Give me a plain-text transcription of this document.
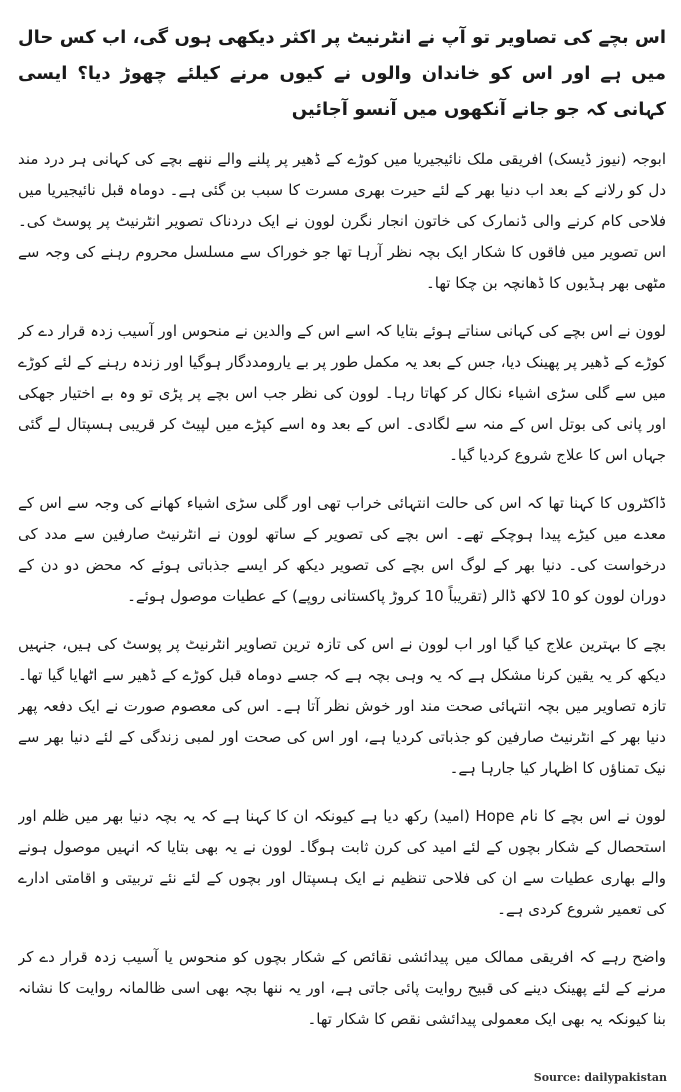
اس بچے کی تصاویر تو آپ نے انٹرنیٹ پر اکثر دیکھی ہوں گی، اب کس حال میں ہے اور اس کو خاندان والوں نے کیوں مرنے کیلئے چھوڑ دیا؟ ایسی کہانی کہ جو جانے آنکھوں میں آنسو آجائیں

ابوجہ (نیوز ڈیسک) افریقی ملک نائیجیریا میں کوڑے کے ڈھیر پر پلنے والے ننھے بچے کی کہانی ہر درد مند دل کو رلانے کے بعد اب دنیا بھر کے لئے حیرت بھری مسرت کا سبب بن گئی ہے۔ دوماہ قبل نائیجیریا میں فلاحی کام کرنے والی ڈنمارک کی خاتون انجار نگرن لوون نے ایک دردناک تصویر انٹرنیٹ پر پوسٹ کی۔ اس تصویر میں فاقوں کا شکار ایک بچہ نظر آرہا تھا جو خوراک سے مسلسل محروم رہنے کی وجہ سے مٹھی بھر ہڈیوں کا ڈھانچہ بن چکا تھا۔

لوون نے اس بچے کی کہانی سناتے ہوئے بتایا کہ اسے اس کے والدین نے منحوس اور آسیب زدہ قرار دے کر کوڑے کے ڈھیر پر پھینک دیا، جس کے بعد یہ مکمل طور پر بے یارومددگار ہوگیا اور زندہ رہنے کے لئے کوڑے میں سے گلی سڑی اشیاء نکال کر کھاتا رہا۔ لوون کی نظر جب اس بچے پر پڑی تو وہ بے اختیار جھکی اور پانی کی بوتل اس کے منہ سے لگادی۔ اس کے بعد وہ اسے کپڑے میں لپیٹ کر قریبی ہسپتال لے گئی جہاں اس کا علاج شروع کردیا گیا۔

ڈاکٹروں کا کہنا تھا کہ اس کی حالت انتہائی خراب تھی اور گلی سڑی اشیاء کھانے کی وجہ سے اس کے معدے میں کیڑے پیدا ہوچکے تھے۔ اس بچے کی تصویر کے ساتھ لوون نے انٹرنیٹ صارفین سے مدد کی درخواست کی۔ دنیا بھر کے لوگ اس بچے کی تصویر دیکھ کر ایسے جذباتی ہوئے کہ محض دو دن کے دوران لوون کو 10 لاکھ ڈالر (تقریباً 10 کروڑ پاکستانی روپے) کے عطیات موصول ہوئے۔

بچے کا بہترین علاج کیا گیا اور اب لوون نے اس کی تازہ ترین تصاویر انٹرنیٹ پر پوسٹ کی ہیں، جنہیں دیکھ کر یہ یقین کرنا مشکل ہے کہ یہ وہی بچہ ہے کہ جسے دوماہ قبل کوڑے کے ڈھیر سے اٹھایا گیا تھا۔ تازہ تصاویر میں بچہ انتہائی صحت مند اور خوش نظر آتا ہے۔ اس کی معصوم صورت نے ایک دفعہ پھر دنیا بھر کے انٹرنیٹ صارفین کو جذباتی کردیا ہے، اور اس کی صحت اور لمبی زندگی کے لئے دنیا بھر سے نیک تمناؤں کا اظہار کیا جارہا ہے۔

لوون نے اس بچے کا نام Hope (امید) رکھ دیا ہے کیونکہ ان کا کہنا ہے کہ یہ بچہ دنیا بھر میں ظلم اور استحصال کے شکار بچوں کے لئے امید کی کرن ثابت ہوگا۔ لوون نے یہ بھی بتایا کہ انہیں موصول ہونے والے بھاری عطیات سے ان کی فلاحی تنظیم نے ایک ہسپتال اور بچوں کے لئے نئے تربیتی و اقامتی ادارے کی تعمیر شروع کردی ہے۔

واضح رہے کہ افریقی ممالک میں پیدائشی نقائص کے شکار بچوں کو منحوس یا آسیب زدہ قرار دے کر مرنے کے لئے پھینک دینے کی قبیح روایت پائی جاتی ہے، اور یہ ننھا بچہ بھی اسی ظالمانہ روایت کا نشانہ بنا کیونکہ یہ بھی ایک معمولی پیدائشی نقص کا شکار تھا۔

Source: dailypakistan
